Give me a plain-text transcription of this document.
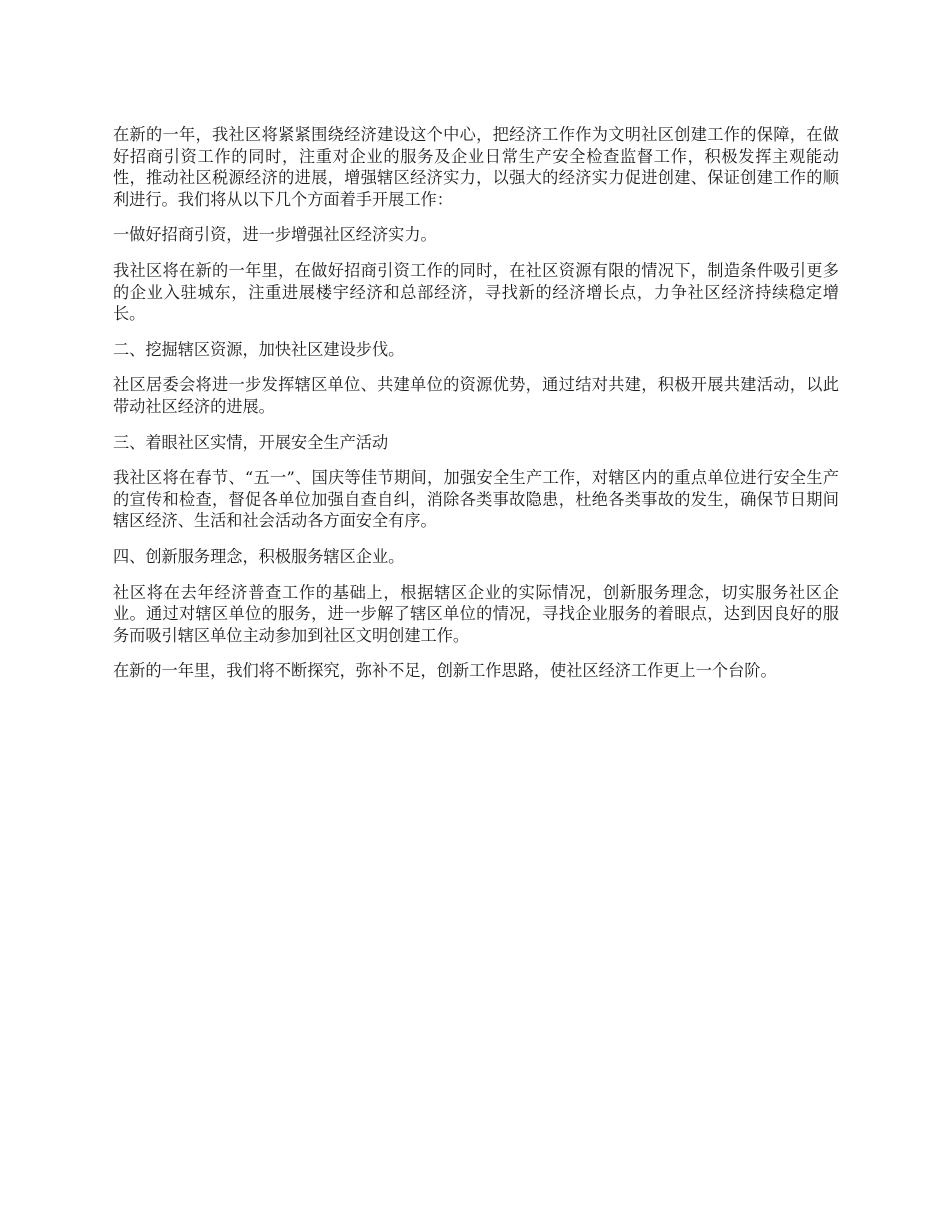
在新的一年，我社区将紧紧围绕经济建设这个中心，把经济工作作为文明社区创建工作的保障，在做好招商引资工作的同时，注重对企业的服务及企业日常生产安全检查监督工作，积极发挥主观能动性，推动社区税源经济的进展，增强辖区经济实力，以强大的经济实力促进创建、保证创建工作的顺利进行。我们将从以下几个方面着手开展工作：

一做好招商引资，进一步增强社区经济实力。

我社区将在新的一年里，在做好招商引资工作的同时，在社区资源有限的情况下，制造条件吸引更多的企业入驻城东，注重进展楼宇经济和总部经济，寻找新的经济增长点，力争社区经济持续稳定增长。

二、挖掘辖区资源，加快社区建设步伐。

社区居委会将进一步发挥辖区单位、共建单位的资源优势，通过结对共建，积极开展共建活动，以此带动社区经济的进展。

三、着眼社区实情，开展安全生产活动

我社区将在春节、“五一”、国庆等佳节期间，加强安全生产工作，对辖区内的重点单位进行安全生产的宣传和检查，督促各单位加强自查自纠，消除各类事故隐患，杜绝各类事故的发生，确保节日期间辖区经济、生活和社会活动各方面安全有序。

四、创新服务理念，积极服务辖区企业。

社区将在去年经济普查工作的基础上，根据辖区企业的实际情况，创新服务理念，切实服务社区企业。通过对辖区单位的服务，进一步解了辖区单位的情况，寻找企业服务的着眼点，达到因良好的服务而吸引辖区单位主动参加到社区文明创建工作。

在新的一年里，我们将不断探究，弥补不足，创新工作思路，使社区经济工作更上一个台阶。
